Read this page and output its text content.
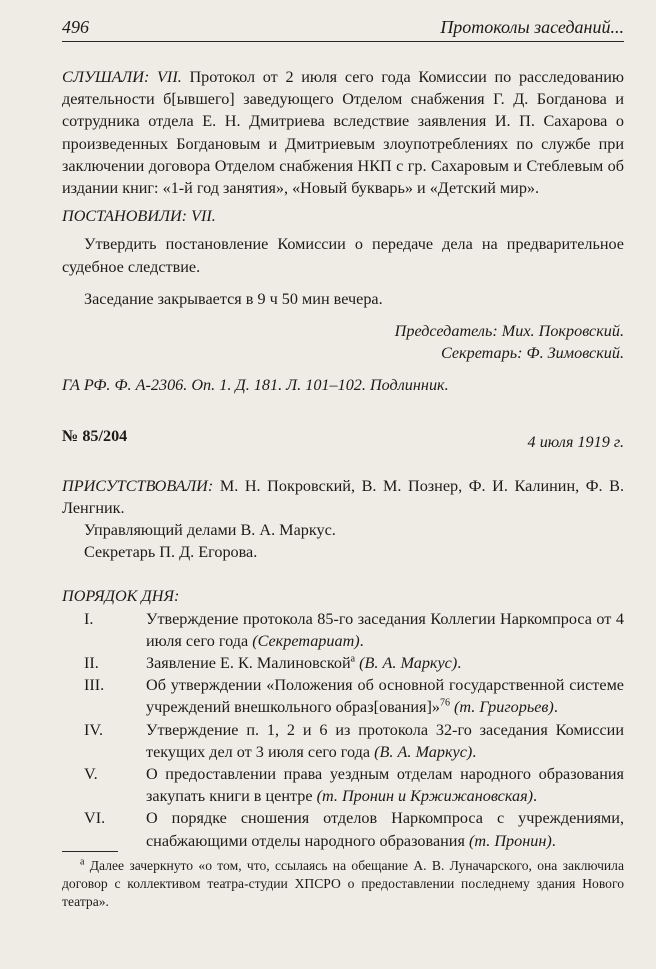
496	Протоколы заседаний...

СЛУШАЛИ: VII. Протокол от 2 июля сего года Комиссии по расследованию деятельности б[ывшего] заведующего Отделом снабжения Г. Д. Богданова и сотрудника отдела Е. Н. Дмитриева вследствие заявления И. П. Сахарова о произведенных Богдановым и Дмитриевым злоупотреблениях по службе при заключении договора Отделом снабжения НКП с гр. Сахаровым и Стеблевым об издании книг: «1-й год занятия», «Новый букварь» и «Детский мир».

ПОСТАНОВИЛИ: VII.

Утвердить постановление Комиссии о передаче дела на предварительное судебное следствие.

Заседание закрывается в 9 ч 50 мин вечера.

Председатель: Мих. Покровский.

Секретарь: Ф. Зимовский.

ГА РФ. Ф. А-2306. Оп. 1. Д. 181. Л. 101–102. Подлинник.

№ 85/204	4 июля 1919 г.

ПРИСУТСТВОВАЛИ: М. Н. Покровский, В. М. Познер, Ф. И. Калинин, Ф. В. Ленгник.

Управляющий делами В. А. Маркус.

Секретарь П. Д. Егорова.

ПОРЯДОК ДНЯ:

I.	Утверждение протокола 85-го заседания Коллегии Наркомпроса от 4 июля сего года (Секретариат).
II.	Заявление Е. К. Малиновской$^а$ (В. А. Маркус).
III.	Об утверждении «Положения об основной государственной системе учреждений внешкольного образ[ования]»$^{76}$ (т. Григорьев).
IV.	Утверждение п. 1, 2 и 6 из протокола 32-го заседания Комиссии текущих дел от 3 июля сего года (В. А. Маркус).
V.	О предоставлении права уездным отделам народного образования закупать книги в центре (т. Пронин и Кржижановская).
VI.	О порядке сношения отделов Наркомпроса с учреждениями, снабжающими отделы народного образования (т. Пронин).
$^а$ Далее зачеркнуто «о том, что, ссылаясь на обещание А. В. Луначарского, она заключила договор с коллективом театра-студии ХПСРО о предоставлении последнему здания Нового театра».
